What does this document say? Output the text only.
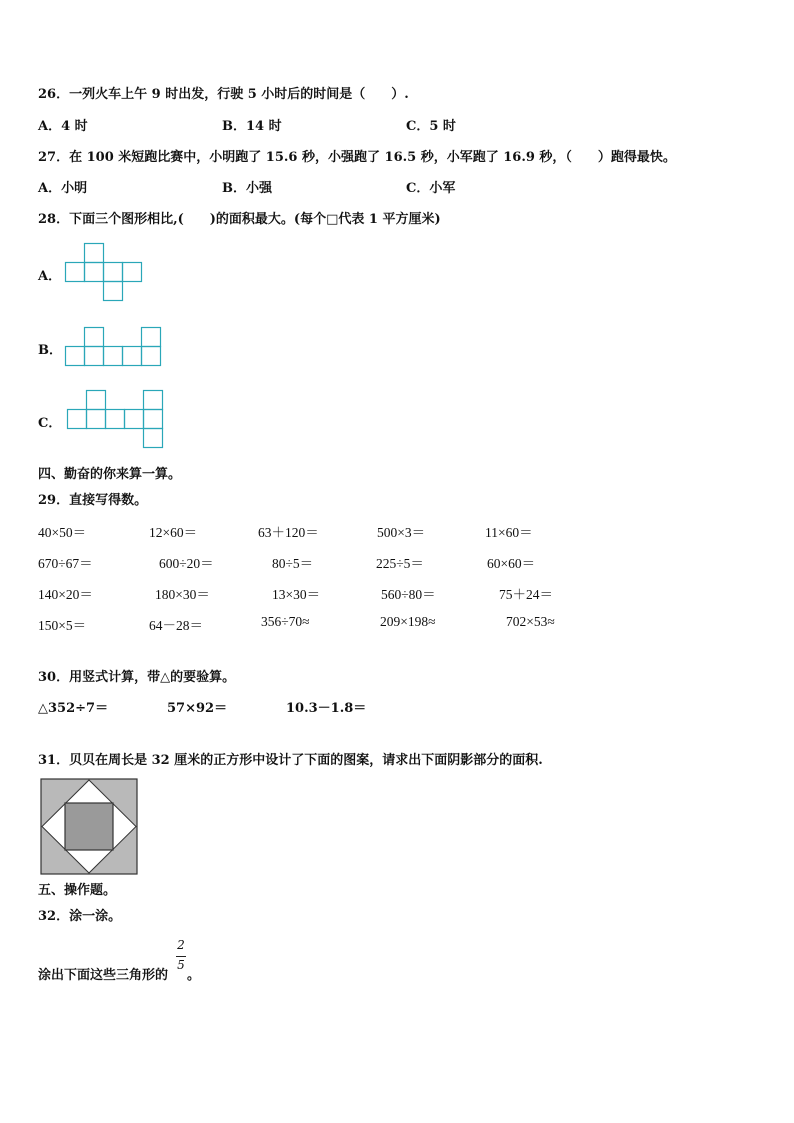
26．一列火车上午 9 时出发，行驶 5 小时后的时间是（　　）.
A．4 时	B．14 时	C．5 时
27．在 100 米短跑比赛中，小明跑了 15.6 秒，小强跑了 16.5 秒，小军跑了 16.9 秒，（　　）跑得最快。
A．小明	B．小强	C．小军
28．下面三个图形相比,(　　)的面积最大。(每个□代表 1 平方厘米)
A．
B．
C．
四、勤奋的你来算一算。
29．直接写得数。
40×50＝	12×60＝	63＋120＝	500×3＝	11×60＝
670÷67＝	600÷20＝	80÷5＝	225÷5＝	60×60＝
140×20＝	180×30＝	13×30＝	560÷80＝	75＋24＝
150×5＝	64－28＝	356÷70≈	209×198≈	702×53≈
30．用竖式计算，带△的要验算。
△352÷7＝	57×92＝	10.3－1.8＝
31．贝贝在周长是 32 厘米的正方形中设计了下面的图案，请求出下面阴影部分的面积.
五、操作题。
32．涂一涂。
涂出下面这些三角形的
2
5
。
